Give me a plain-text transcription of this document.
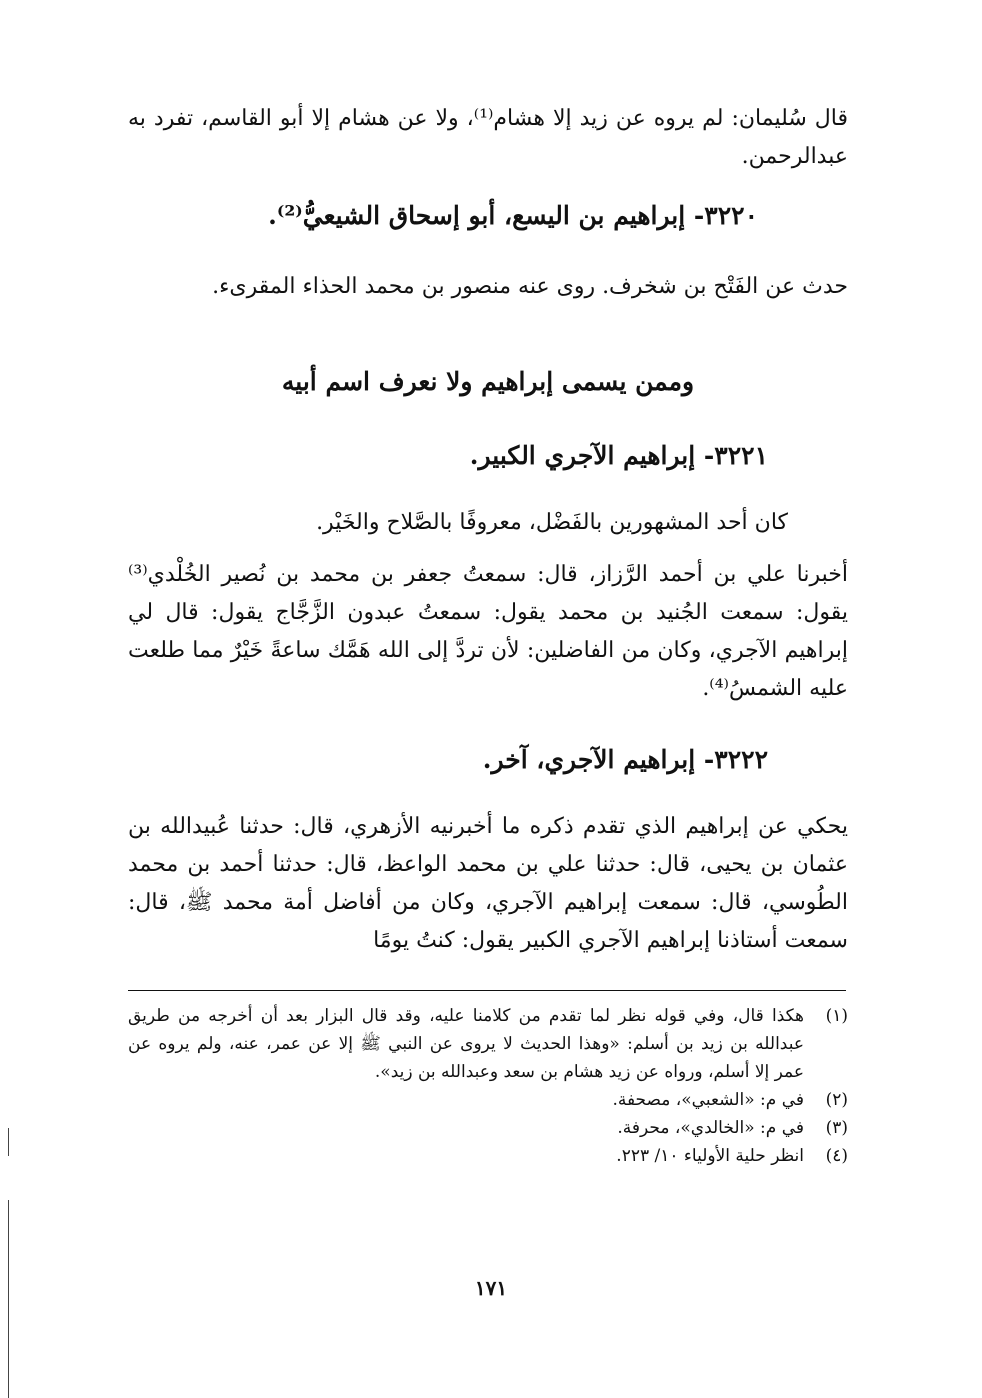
قال سُليمان: لم يروه عن زيد إلا هشام⁽¹⁾، ولا عن هشام إلا أبو القاسم، تفرد به عبدالرحمن.

٣٢٢٠- إبراهيم بن اليسع، أبو إسحاق الشيعيُّ⁽²⁾.

حدث عن الفَتْح بن شخرف. روى عنه منصور بن محمد الحذاء المقرىء.

وممن يسمى إبراهيم ولا نعرف اسم أبيه

٣٢٢١- إبراهيم الآجري الكبير.

كان أحد المشهورين بالفَضْل، معروفًا بالصَّلاح والخَيْر.

أخبرنا علي بن أحمد الرَّزاز، قال: سمعتُ جعفر بن محمد بن نُصير الخُلْدي⁽³⁾ يقول: سمعت الجُنيد بن محمد يقول: سمعتُ عبدون الزَّجَّاج يقول: قال لي إبراهيم الآجري، وكان من الفاضلين: لأن تردَّ إلى الله هَمَّك ساعةً خَيْرٌ مما طلعت عليه الشمسُ⁽⁴⁾.

٣٢٢٢- إبراهيم الآجري، آخر.

يحكي عن إبراهيم الذي تقدم ذكره ما أخبرنيه الأزهري، قال: حدثنا عُبيدالله بن عثمان بن يحيى، قال: حدثنا علي بن محمد الواعظ، قال: حدثنا أحمد بن محمد الطُوسي، قال: سمعت إبراهيم الآجري، وكان من أفاضل أمة محمد ﷺ، قال: سمعت أستاذنا إبراهيم الآجري الكبير يقول: كنتُ يومًا

(١)
هكذا قال، وفي قوله نظر لما تقدم من كلامنا عليه، وقد قال البزار بعد أن أخرجه من طريق عبدالله بن زيد بن أسلم: «وهذا الحديث لا يروى عن النبي ﷺ إلا عن عمر، عنه، ولم يروه عن عمر إلا أسلم، ورواه عن زيد هشام بن سعد وعبدالله بن زيد».
(٢)
في م: «الشعبي»، مصحفة.
(٣)
في م: «الخالدي»، محرفة.
(٤)
انظر حلية الأولياء ١٠/ ٢٢٣.
١٧١
